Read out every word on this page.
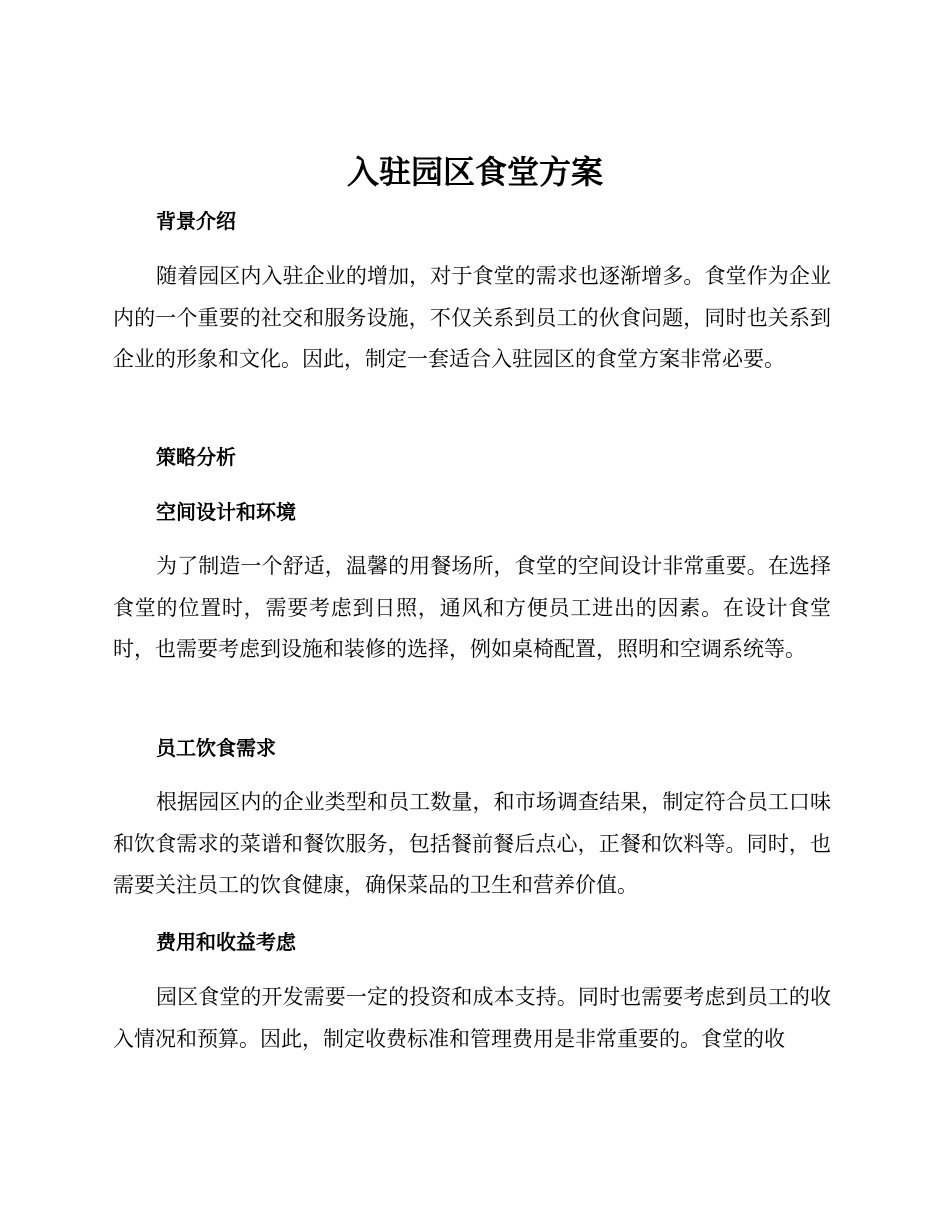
入驻园区食堂方案
背景介绍

随着园区内入驻企业的增加，对于食堂的需求也逐渐增多。食堂作为企业内的一个重要的社交和服务设施，不仅关系到员工的伙食问题，同时也关系到企业的形象和文化。因此，制定一套适合入驻园区的食堂方案非常必要。

策略分析
空间设计和环境

为了制造一个舒适，温馨的用餐场所，食堂的空间设计非常重要。在选择食堂的位置时，需要考虑到日照，通风和方便员工进出的因素。在设计食堂时，也需要考虑到设施和装修的选择，例如桌椅配置，照明和空调系统等。

员工饮食需求

根据园区内的企业类型和员工数量，和市场调查结果，制定符合员工口味和饮食需求的菜谱和餐饮服务，包括餐前餐后点心，正餐和饮料等。同时，也需要关注员工的饮食健康，确保菜品的卫生和营养价值。

费用和收益考虑

园区食堂的开发需要一定的投资和成本支持。同时也需要考虑到员工的收入情况和预算。因此，制定收费标准和管理费用是非常重要的。食堂的收
